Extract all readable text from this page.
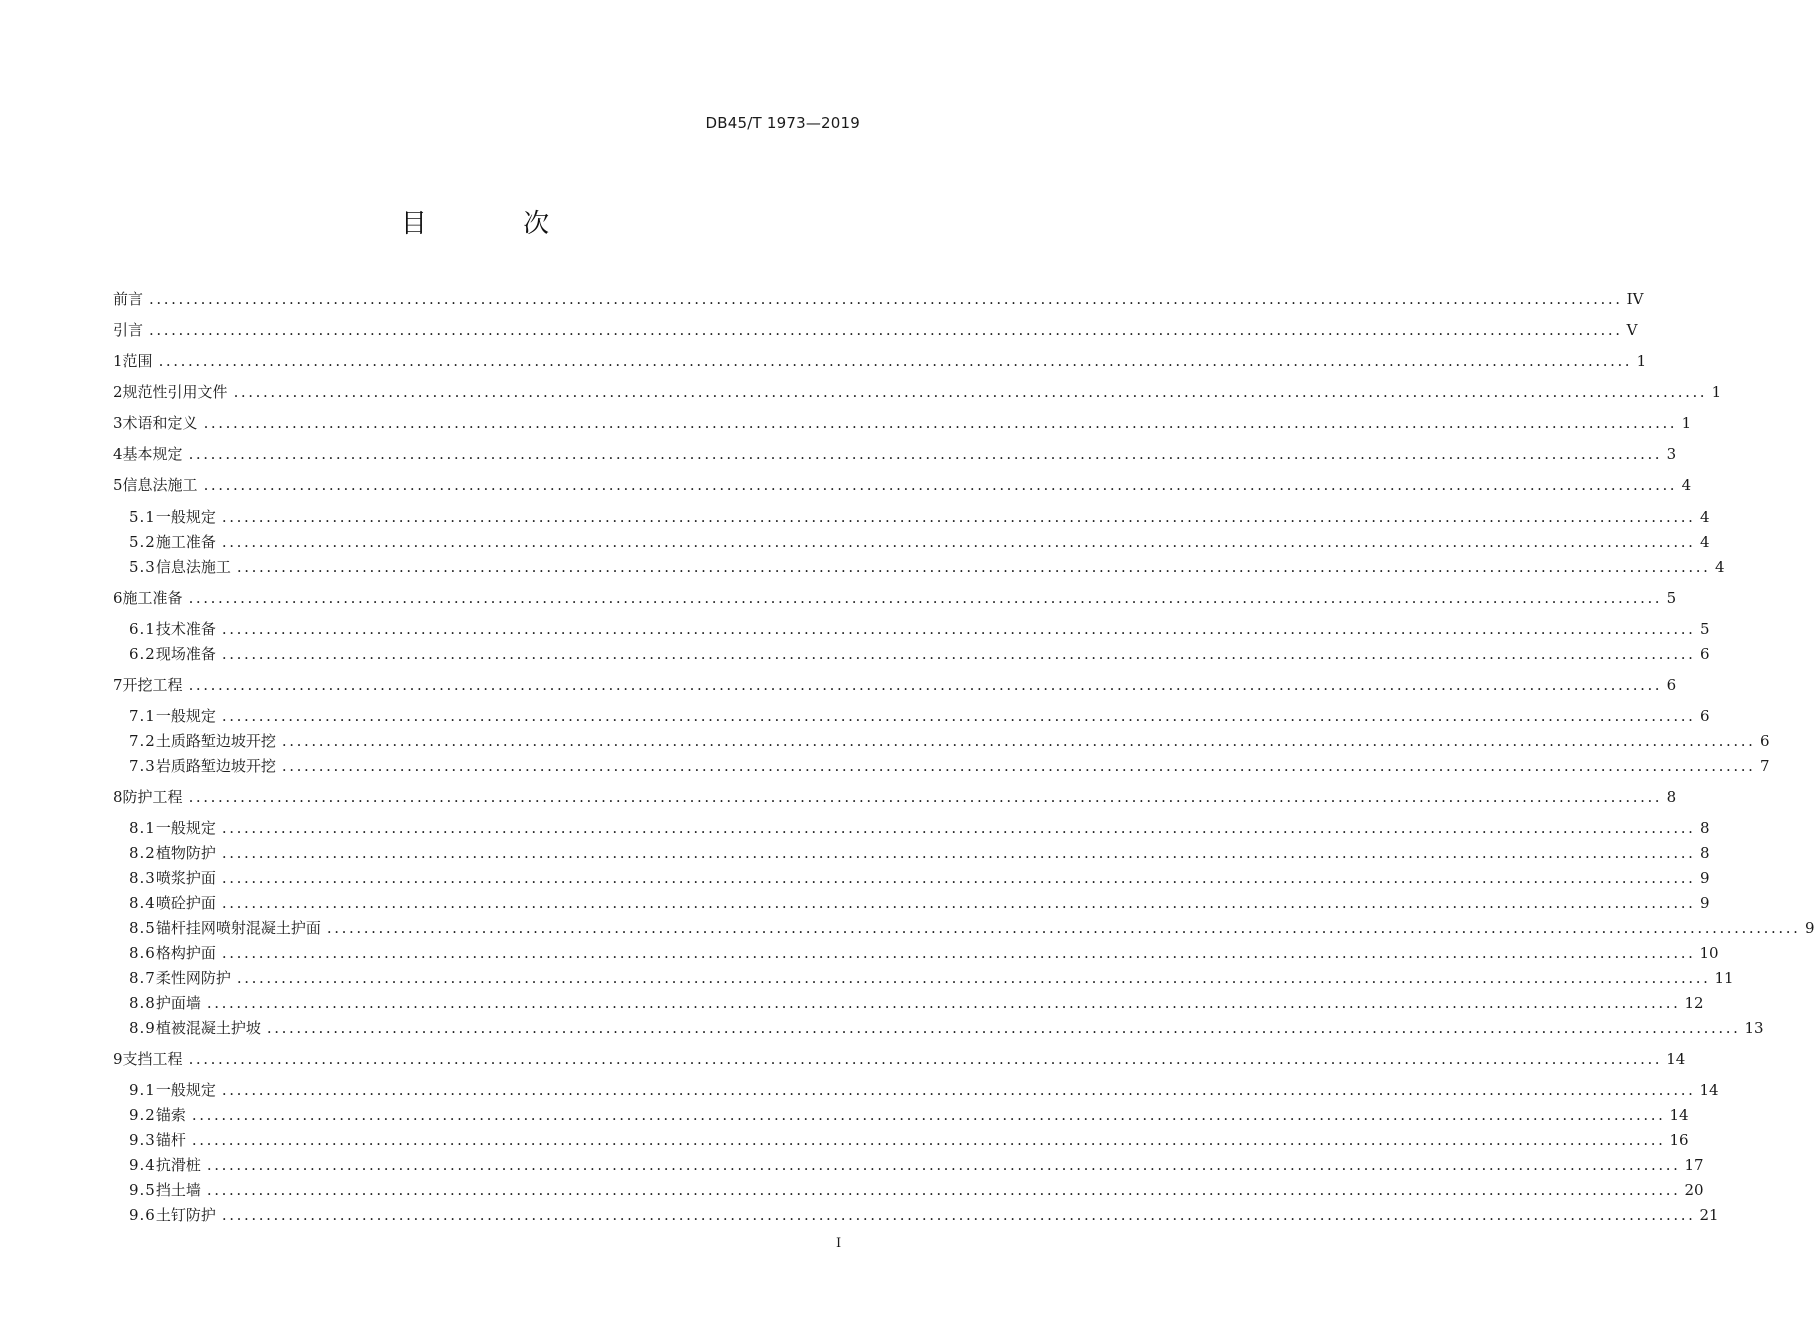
DB45/T 1973—2019
目 次
前言 ........................................................................................................................................................................................................ IV
引言 ........................................................................................................................................................................................................ V
1 范围 ........................................................................................................................................................................................................ 1
2 规范性引用文件 ........................................................................................................................................................................................................ 1
3 术语和定义 ........................................................................................................................................................................................................ 1
4 基本规定 ........................................................................................................................................................................................................ 3
5 信息法施工 ........................................................................................................................................................................................................ 4
5.1 一般规定 ........................................................................................................................................................................................................ 4
5.2 施工准备 ........................................................................................................................................................................................................ 4
5.3 信息法施工 ........................................................................................................................................................................................................ 4
6 施工准备 ........................................................................................................................................................................................................ 5
6.1 技术准备 ........................................................................................................................................................................................................ 5
6.2 现场准备 ........................................................................................................................................................................................................ 6
7 开挖工程 ........................................................................................................................................................................................................ 6
7.1 一般规定 ........................................................................................................................................................................................................ 6
7.2 土质路堑边坡开挖 ........................................................................................................................................................................................................ 6
7.3 岩质路堑边坡开挖 ........................................................................................................................................................................................................ 7
8 防护工程 ........................................................................................................................................................................................................ 8
8.1 一般规定 ........................................................................................................................................................................................................ 8
8.2 植物防护 ........................................................................................................................................................................................................ 8
8.3 喷浆护面 ........................................................................................................................................................................................................ 9
8.4 喷砼护面 ........................................................................................................................................................................................................ 9
8.5 锚杆挂网喷射混凝土护面 ........................................................................................................................................................................................................ 9
8.6 格构护面 ........................................................................................................................................................................................................ 10
8.7 柔性网防护 ........................................................................................................................................................................................................ 11
8.8 护面墙 ........................................................................................................................................................................................................ 12
8.9 植被混凝土护坡 ........................................................................................................................................................................................................ 13
9 支挡工程 ........................................................................................................................................................................................................ 14
9.1 一般规定 ........................................................................................................................................................................................................ 14
9.2 锚索 ........................................................................................................................................................................................................ 14
9.3 锚杆 ........................................................................................................................................................................................................ 16
9.4 抗滑桩 ........................................................................................................................................................................................................ 17
9.5 挡土墙 ........................................................................................................................................................................................................ 20
9.6 土钉防护 ........................................................................................................................................................................................................ 21
I
